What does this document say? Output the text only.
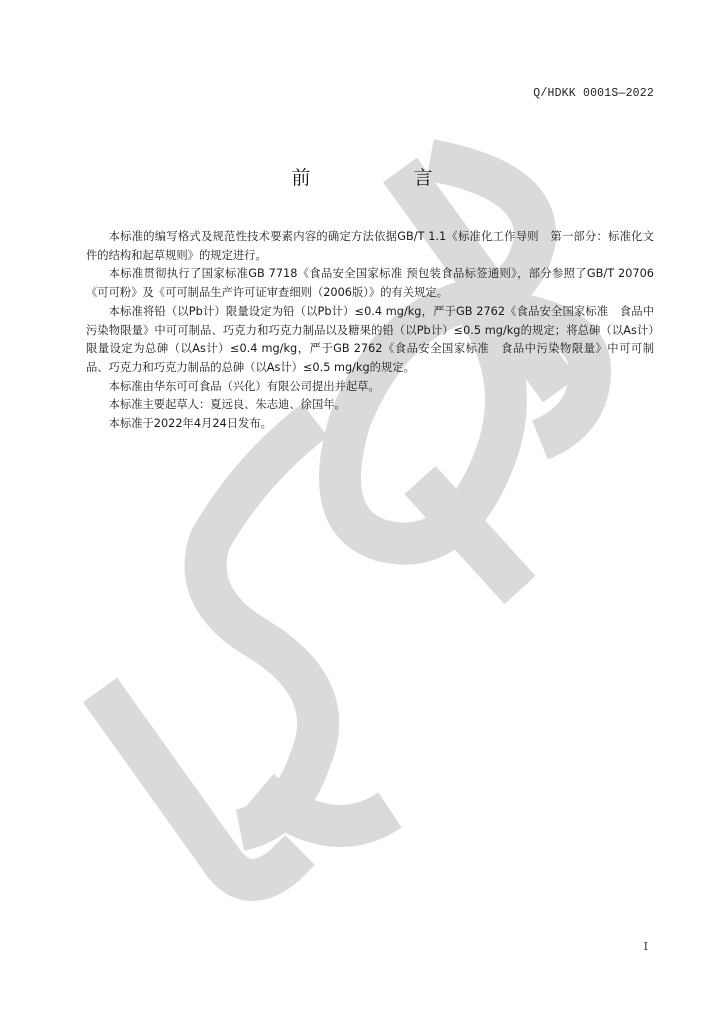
Q/HDKK 0001S—2022
前　言

本标准的编写格式及规范性技术要素内容的确定方法依据GB/T 1.1《标准化工作导则　第一部分：标准化文件的结构和起草规则》的规定进行。

本标准贯彻执行了国家标准GB 7718《食品安全国家标准 预包装食品标签通则》，部分参照了GB/T 20706《可可粉》及《可可制品生产许可证审查细则（2006版）》的有关规定。

本标准将铅（以Pb计）限量设定为铅（以Pb计）≤0.4 mg/kg，严于GB 2762《食品安全国家标准　食品中污染物限量》中可可制品、巧克力和巧克力制品以及糖果的铅（以Pb计）≤0.5 mg/kg的规定；将总砷（以As计）限量设定为总砷（以As计）≤0.4 mg/kg，严于GB 2762《食品安全国家标准　食品中污染物限量》中可可制品、巧克力和巧克力制品的总砷（以As计）≤0.5 mg/kg的规定。

本标准由华东可可食品（兴化）有限公司提出并起草。

本标准主要起草人：夏远良、朱志迪、徐国年。

本标准于2022年4月24日发布。

I
